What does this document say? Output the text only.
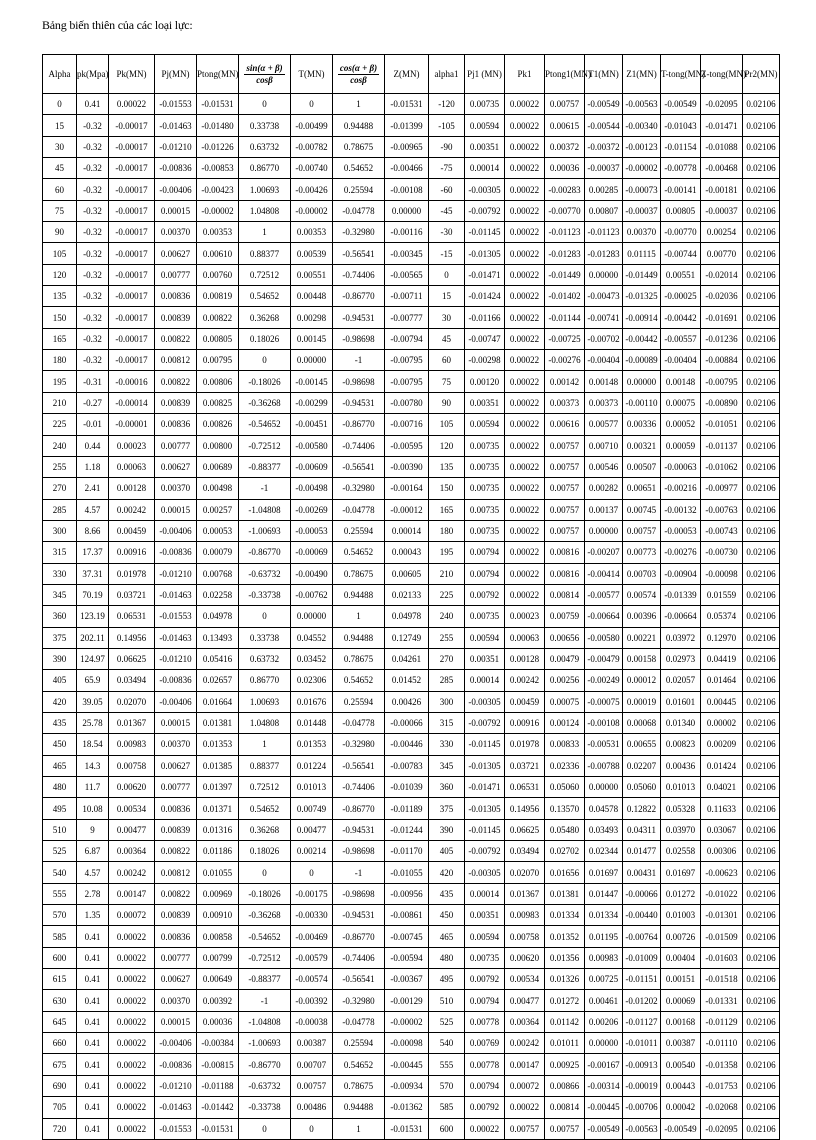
Bảng biến thiên của các loại lực:
Alpha	pk(Mpa)	Pk(MN)	Pj(MN)	Ptong(MN)	$\frac{\sin(\alpha + \beta)}{\cos\beta}$	T(MN)	$\frac{\cos(\alpha + \beta)}{\cos\beta}$	Z(MN)	alpha1	Pj1 (MN)	Pk1	Ptong1(MN)	T1(MN)	Z1(MN)	T-tong(MN)	Z-tong(MN)	Pr2(MN)
0	0.41	0.00022	-0.01553	-0.01531	0	0	1	-0.01531	-120	0.00735	0.00022	0.00757	-0.00549	-0.00563	-0.00549	-0.02095	0.02106
15	-0.32	-0.00017	-0.01463	-0.01480	0.33738	-0.00499	0.94488	-0.01399	-105	0.00594	0.00022	0.00615	-0.00544	-0.00340	-0.01043	-0.01471	0.02106
30	-0.32	-0.00017	-0.01210	-0.01226	0.63732	-0.00782	0.78675	-0.00965	-90	0.00351	0.00022	0.00372	-0.00372	-0.00123	-0.01154	-0.01088	0.02106
45	-0.32	-0.00017	-0.00836	-0.00853	0.86770	-0.00740	0.54652	-0.00466	-75	0.00014	0.00022	0.00036	-0.00037	-0.00002	-0.00778	-0.00468	0.02106
60	-0.32	-0.00017	-0.00406	-0.00423	1.00693	-0.00426	0.25594	-0.00108	-60	-0.00305	0.00022	-0.00283	0.00285	-0.00073	-0.00141	-0.00181	0.02106
75	-0.32	-0.00017	0.00015	-0.00002	1.04808	-0.00002	-0.04778	0.00000	-45	-0.00792	0.00022	-0.00770	0.00807	-0.00037	0.00805	-0.00037	0.02106
90	-0.32	-0.00017	0.00370	0.00353	1	0.00353	-0.32980	-0.00116	-30	-0.01145	0.00022	-0.01123	-0.01123	0.00370	-0.00770	0.00254	0.02106
105	-0.32	-0.00017	0.00627	0.00610	0.88377	0.00539	-0.56541	-0.00345	-15	-0.01305	0.00022	-0.01283	-0.01283	0.01115	-0.00744	0.00770	0.02106
120	-0.32	-0.00017	0.00777	0.00760	0.72512	0.00551	-0.74406	-0.00565	0	-0.01471	0.00022	-0.01449	0.00000	-0.01449	0.00551	-0.02014	0.02106
135	-0.32	-0.00017	0.00836	0.00819	0.54652	0.00448	-0.86770	-0.00711	15	-0.01424	0.00022	-0.01402	-0.00473	-0.01325	-0.00025	-0.02036	0.02106
150	-0.32	-0.00017	0.00839	0.00822	0.36268	0.00298	-0.94531	-0.00777	30	-0.01166	0.00022	-0.01144	-0.00741	-0.00914	-0.00442	-0.01691	0.02106
165	-0.32	-0.00017	0.00822	0.00805	0.18026	0.00145	-0.98698	-0.00794	45	-0.00747	0.00022	-0.00725	-0.00702	-0.00442	-0.00557	-0.01236	0.02106
180	-0.32	-0.00017	0.00812	0.00795	0	0.00000	-1	-0.00795	60	-0.00298	0.00022	-0.00276	-0.00404	-0.00089	-0.00404	-0.00884	0.02106
195	-0.31	-0.00016	0.00822	0.00806	-0.18026	-0.00145	-0.98698	-0.00795	75	0.00120	0.00022	0.00142	0.00148	0.00000	0.00148	-0.00795	0.02106
210	-0.27	-0.00014	0.00839	0.00825	-0.36268	-0.00299	-0.94531	-0.00780	90	0.00351	0.00022	0.00373	0.00373	-0.00110	0.00075	-0.00890	0.02106
225	-0.01	-0.00001	0.00836	0.00826	-0.54652	-0.00451	-0.86770	-0.00716	105	0.00594	0.00022	0.00616	0.00577	0.00336	0.00052	-0.01051	0.02106
240	0.44	0.00023	0.00777	0.00800	-0.72512	-0.00580	-0.74406	-0.00595	120	0.00735	0.00022	0.00757	0.00710	0.00321	0.00059	-0.01137	0.02106
255	1.18	0.00063	0.00627	0.00689	-0.88377	-0.00609	-0.56541	-0.00390	135	0.00735	0.00022	0.00757	0.00546	0.00507	-0.00063	-0.01062	0.02106
270	2.41	0.00128	0.00370	0.00498	-1	-0.00498	-0.32980	-0.00164	150	0.00735	0.00022	0.00757	0.00282	0.00651	-0.00216	-0.00977	0.02106
285	4.57	0.00242	0.00015	0.00257	-1.04808	-0.00269	-0.04778	-0.00012	165	0.00735	0.00022	0.00757	0.00137	0.00745	-0.00132	-0.00763	0.02106
300	8.66	0.00459	-0.00406	0.00053	-1.00693	-0.00053	0.25594	0.00014	180	0.00735	0.00022	0.00757	0.00000	0.00757	-0.00053	-0.00743	0.02106
315	17.37	0.00916	-0.00836	0.00079	-0.86770	-0.00069	0.54652	0.00043	195	0.00794	0.00022	0.00816	-0.00207	0.00773	-0.00276	-0.00730	0.02106
330	37.31	0.01978	-0.01210	0.00768	-0.63732	-0.00490	0.78675	0.00605	210	0.00794	0.00022	0.00816	-0.00414	0.00703	-0.00904	-0.00098	0.02106
345	70.19	0.03721	-0.01463	0.02258	-0.33738	-0.00762	0.94488	0.02133	225	0.00792	0.00022	0.00814	-0.00577	0.00574	-0.01339	0.01559	0.02106
360	123.19	0.06531	-0.01553	0.04978	0	0.00000	1	0.04978	240	0.00735	0.00023	0.00759	-0.00664	0.00396	-0.00664	0.05374	0.02106
375	202.11	0.14956	-0.01463	0.13493	0.33738	0.04552	0.94488	0.12749	255	0.00594	0.00063	0.00656	-0.00580	0.00221	0.03972	0.12970	0.02106
390	124.97	0.06625	-0.01210	0.05416	0.63732	0.03452	0.78675	0.04261	270	0.00351	0.00128	0.00479	-0.00479	0.00158	0.02973	0.04419	0.02106
405	65.9	0.03494	-0.00836	0.02657	0.86770	0.02306	0.54652	0.01452	285	0.00014	0.00242	0.00256	-0.00249	0.00012	0.02057	0.01464	0.02106
420	39.05	0.02070	-0.00406	0.01664	1.00693	0.01676	0.25594	0.00426	300	-0.00305	0.00459	0.00075	-0.00075	0.00019	0.01601	0.00445	0.02106
435	25.78	0.01367	0.00015	0.01381	1.04808	0.01448	-0.04778	-0.00066	315	-0.00792	0.00916	0.00124	-0.00108	0.00068	0.01340	0.00002	0.02106
450	18.54	0.00983	0.00370	0.01353	1	0.01353	-0.32980	-0.00446	330	-0.01145	0.01978	0.00833	-0.00531	0.00655	0.00823	0.00209	0.02106
465	14.3	0.00758	0.00627	0.01385	0.88377	0.01224	-0.56541	-0.00783	345	-0.01305	0.03721	0.02336	-0.00788	0.02207	0.00436	0.01424	0.02106
480	11.7	0.00620	0.00777	0.01397	0.72512	0.01013	-0.74406	-0.01039	360	-0.01471	0.06531	0.05060	0.00000	0.05060	0.01013	0.04021	0.02106
495	10.08	0.00534	0.00836	0.01371	0.54652	0.00749	-0.86770	-0.01189	375	-0.01305	0.14956	0.13570	0.04578	0.12822	0.05328	0.11633	0.02106
510	9	0.00477	0.00839	0.01316	0.36268	0.00477	-0.94531	-0.01244	390	-0.01145	0.06625	0.05480	0.03493	0.04311	0.03970	0.03067	0.02106
525	6.87	0.00364	0.00822	0.01186	0.18026	0.00214	-0.98698	-0.01170	405	-0.00792	0.03494	0.02702	0.02344	0.01477	0.02558	0.00306	0.02106
540	4.57	0.00242	0.00812	0.01055	0	0	-1	-0.01055	420	-0.00305	0.02070	0.01656	0.01697	0.00431	0.01697	-0.00623	0.02106
555	2.78	0.00147	0.00822	0.00969	-0.18026	-0.00175	-0.98698	-0.00956	435	0.00014	0.01367	0.01381	0.01447	-0.00066	0.01272	-0.01022	0.02106
570	1.35	0.00072	0.00839	0.00910	-0.36268	-0.00330	-0.94531	-0.00861	450	0.00351	0.00983	0.01334	0.01334	-0.00440	0.01003	-0.01301	0.02106
585	0.41	0.00022	0.00836	0.00858	-0.54652	-0.00469	-0.86770	-0.00745	465	0.00594	0.00758	0.01352	0.01195	-0.00764	0.00726	-0.01509	0.02106
600	0.41	0.00022	0.00777	0.00799	-0.72512	-0.00579	-0.74406	-0.00594	480	0.00735	0.00620	0.01356	0.00983	-0.01009	0.00404	-0.01603	0.02106
615	0.41	0.00022	0.00627	0.00649	-0.88377	-0.00574	-0.56541	-0.00367	495	0.00792	0.00534	0.01326	0.00725	-0.01151	0.00151	-0.01518	0.02106
630	0.41	0.00022	0.00370	0.00392	-1	-0.00392	-0.32980	-0.00129	510	0.00794	0.00477	0.01272	0.00461	-0.01202	0.00069	-0.01331	0.02106
645	0.41	0.00022	0.00015	0.00036	-1.04808	-0.00038	-0.04778	-0.00002	525	0.00778	0.00364	0.01142	0.00206	-0.01127	0.00168	-0.01129	0.02106
660	0.41	0.00022	-0.00406	-0.00384	-1.00693	0.00387	0.25594	-0.00098	540	0.00769	0.00242	0.01011	0.00000	-0.01011	0.00387	-0.01110	0.02106
675	0.41	0.00022	-0.00836	-0.00815	-0.86770	0.00707	0.54652	-0.00445	555	0.00778	0.00147	0.00925	-0.00167	-0.00913	0.00540	-0.01358	0.02106
690	0.41	0.00022	-0.01210	-0.01188	-0.63732	0.00757	0.78675	-0.00934	570	0.00794	0.00072	0.00866	-0.00314	-0.00019	0.00443	-0.01753	0.02106
705	0.41	0.00022	-0.01463	-0.01442	-0.33738	0.00486	0.94488	-0.01362	585	0.00792	0.00022	0.00814	-0.00445	-0.00706	0.00042	-0.02068	0.02106
720	0.41	0.00022	-0.01553	-0.01531	0	0	1	-0.01531	600	0.00022	0.00757	0.00757	-0.00549	-0.00563	-0.00549	-0.02095	0.02106
